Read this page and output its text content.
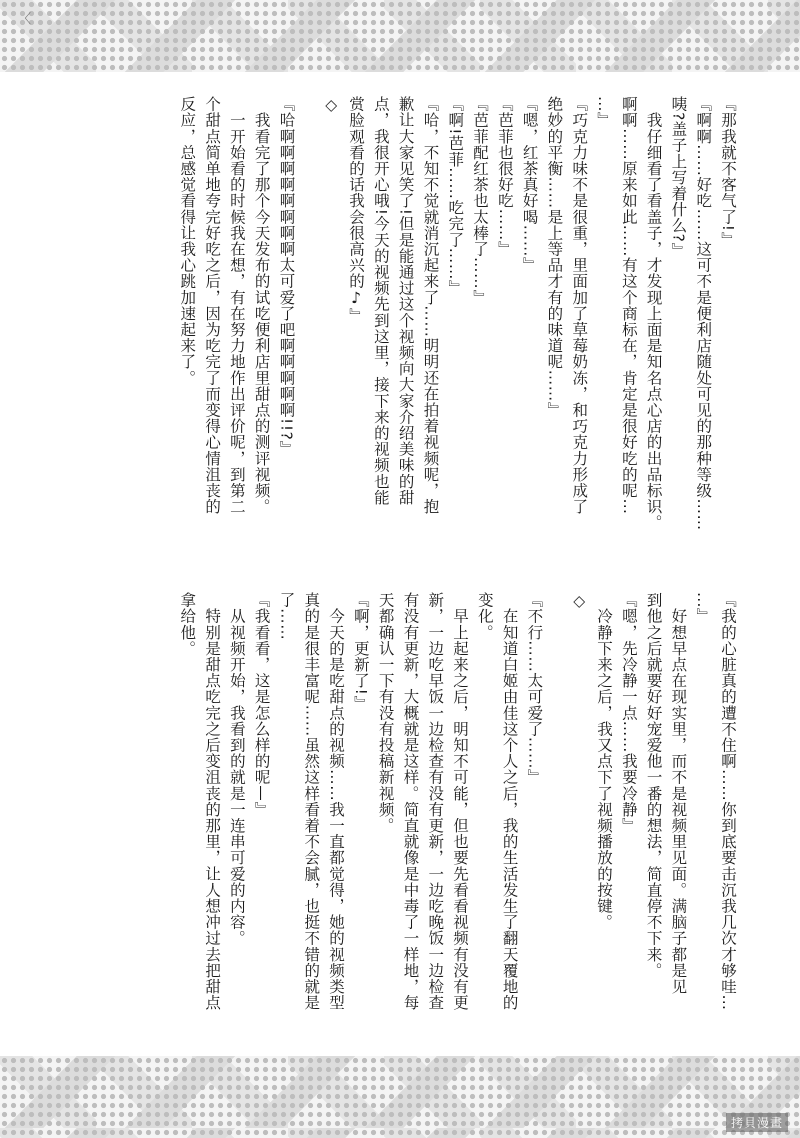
〈

『那我就不客气了!』

『啊啊……好吃……这可不是便利店随处可见的那种等级……

咦?盖子上写着什么?』

　我仔细看了看盖子，才发现上面是知名点心店的出品标识。

啊啊……原来如此……有这个商标在，肯定是很好吃的呢…

…』

『巧克力味不是很重，里面加了草莓奶冻，和巧克力形成了

绝妙的平衡……是上等品才有的味道呢……』

『嗯，红茶真好喝……』

『芭菲也很好吃……』

『芭菲配红茶也太棒了……』

『啊!芭菲……吃完了……』

『哈，不知不觉就消沉起来了……明明还在拍着视频呢，抱

歉让大家见笑了!但是能通过这个视频向大家介绍美味的甜

点，我很开心哦!今天的视频先到这里，接下来的视频也能

赏脸观看的话我会很高兴的♪』

◇

『哈啊啊啊啊啊啊啊啊太可爱了吧啊啊啊啊啊!!?』

　我看完了那个今天发布的试吃便利店里甜点的测评视频。

　一开始看的时候我在想，有在努力地作出评价呢，到第二

个甜点简单地夸完好吃之后，因为吃完了而变得心情沮丧的

反应，总感觉看得让我心跳加速起来了。

『我的心脏真的遭不住啊……你到底要击沉我几次才够哇…

…』

　好想早点在现实里，而不是视频里见面。满脑子都是见

到他之后就要好好宠爱他一番的想法，简直停不下来。

『嗯，先冷静一点……我要冷静』

　冷静下来之后，我又点下了视频播放的按键。

◇

『不行……太可爱了……』

　在知道白姬由佳这个人之后，我的生活发生了翻天覆地的

变化。

　早上起来之后，明知不可能，但也要先看看视频有没有更

新，一边吃早饭一边检查有没有更新，一边吃晚饭一边检查

有没有更新，大概就是这样。简直就像是中毒了一样地，每

天都确认一下有没有投稿新视频。

『啊，更新了!』

　今天的是吃甜点的视频……我一直都觉得，她的视频类型

真的是很丰富呢……虽然这样看着不会腻，也挺不错的就是

了……

『我看看，这是怎么样的呢—』

　从视频开始，我看到的就是一连串可爱的内容。

　特别是甜点吃完之后变沮丧的那里，让人想冲过去把甜点

拿给他。

拷貝漫畫
